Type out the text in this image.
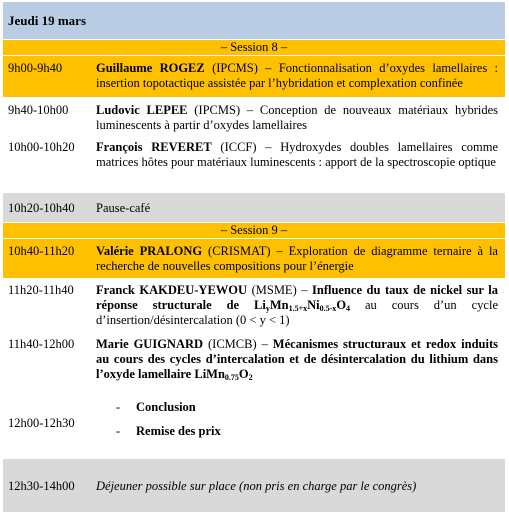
Jeudi 19 mars
– Session 8 –
9h00-9h40	Guillaume ROGEZ (IPCMS) – Fonctionnalisation d’oxydes lamellaires : insertion topotactique assistée par l’hybridation et complexation confinée
9h40-10h00 Ludovic LEPEE (IPCMS) – Conception de nouveaux matériaux hybrides luminescents à partir d’oxydes lamellaires
10h00-10h20 François REVERET (ICCF) – Hydroxydes doubles lamellaires comme matrices hôtes pour matériaux luminescents : apport de la spectroscopie optique
10h20-10h40 Pause-café
– Session 9 –
10h40-11h20 Valérie PRALONG (CRISMAT) – Exploration de diagramme ternaire à la recherche de nouvelles compositions pour l’énergie
11h20-11h40 Franck KAKDEU-YEWOU (MSME) – Influence du taux de nickel sur la réponse structurale de $Li_yMn_{1.5+x}Ni_{0.5-x}O_4$ au cours d’un cycle d’insertion/désintercalation (0 < y < 1)
11h40-12h00 Marie GUIGNARD (ICMCB) – Mécanismes structuraux et redox induits au cours des cycles d’intercalation et de désintercalation du lithium dans l’oxyde lamellaire $LiMn_{0.75}O_2$
12h00-12h30
- Conclusion
- Remise des prix
12h30-14h00 Déjeuner possible sur place (non pris en charge par le congrès)
